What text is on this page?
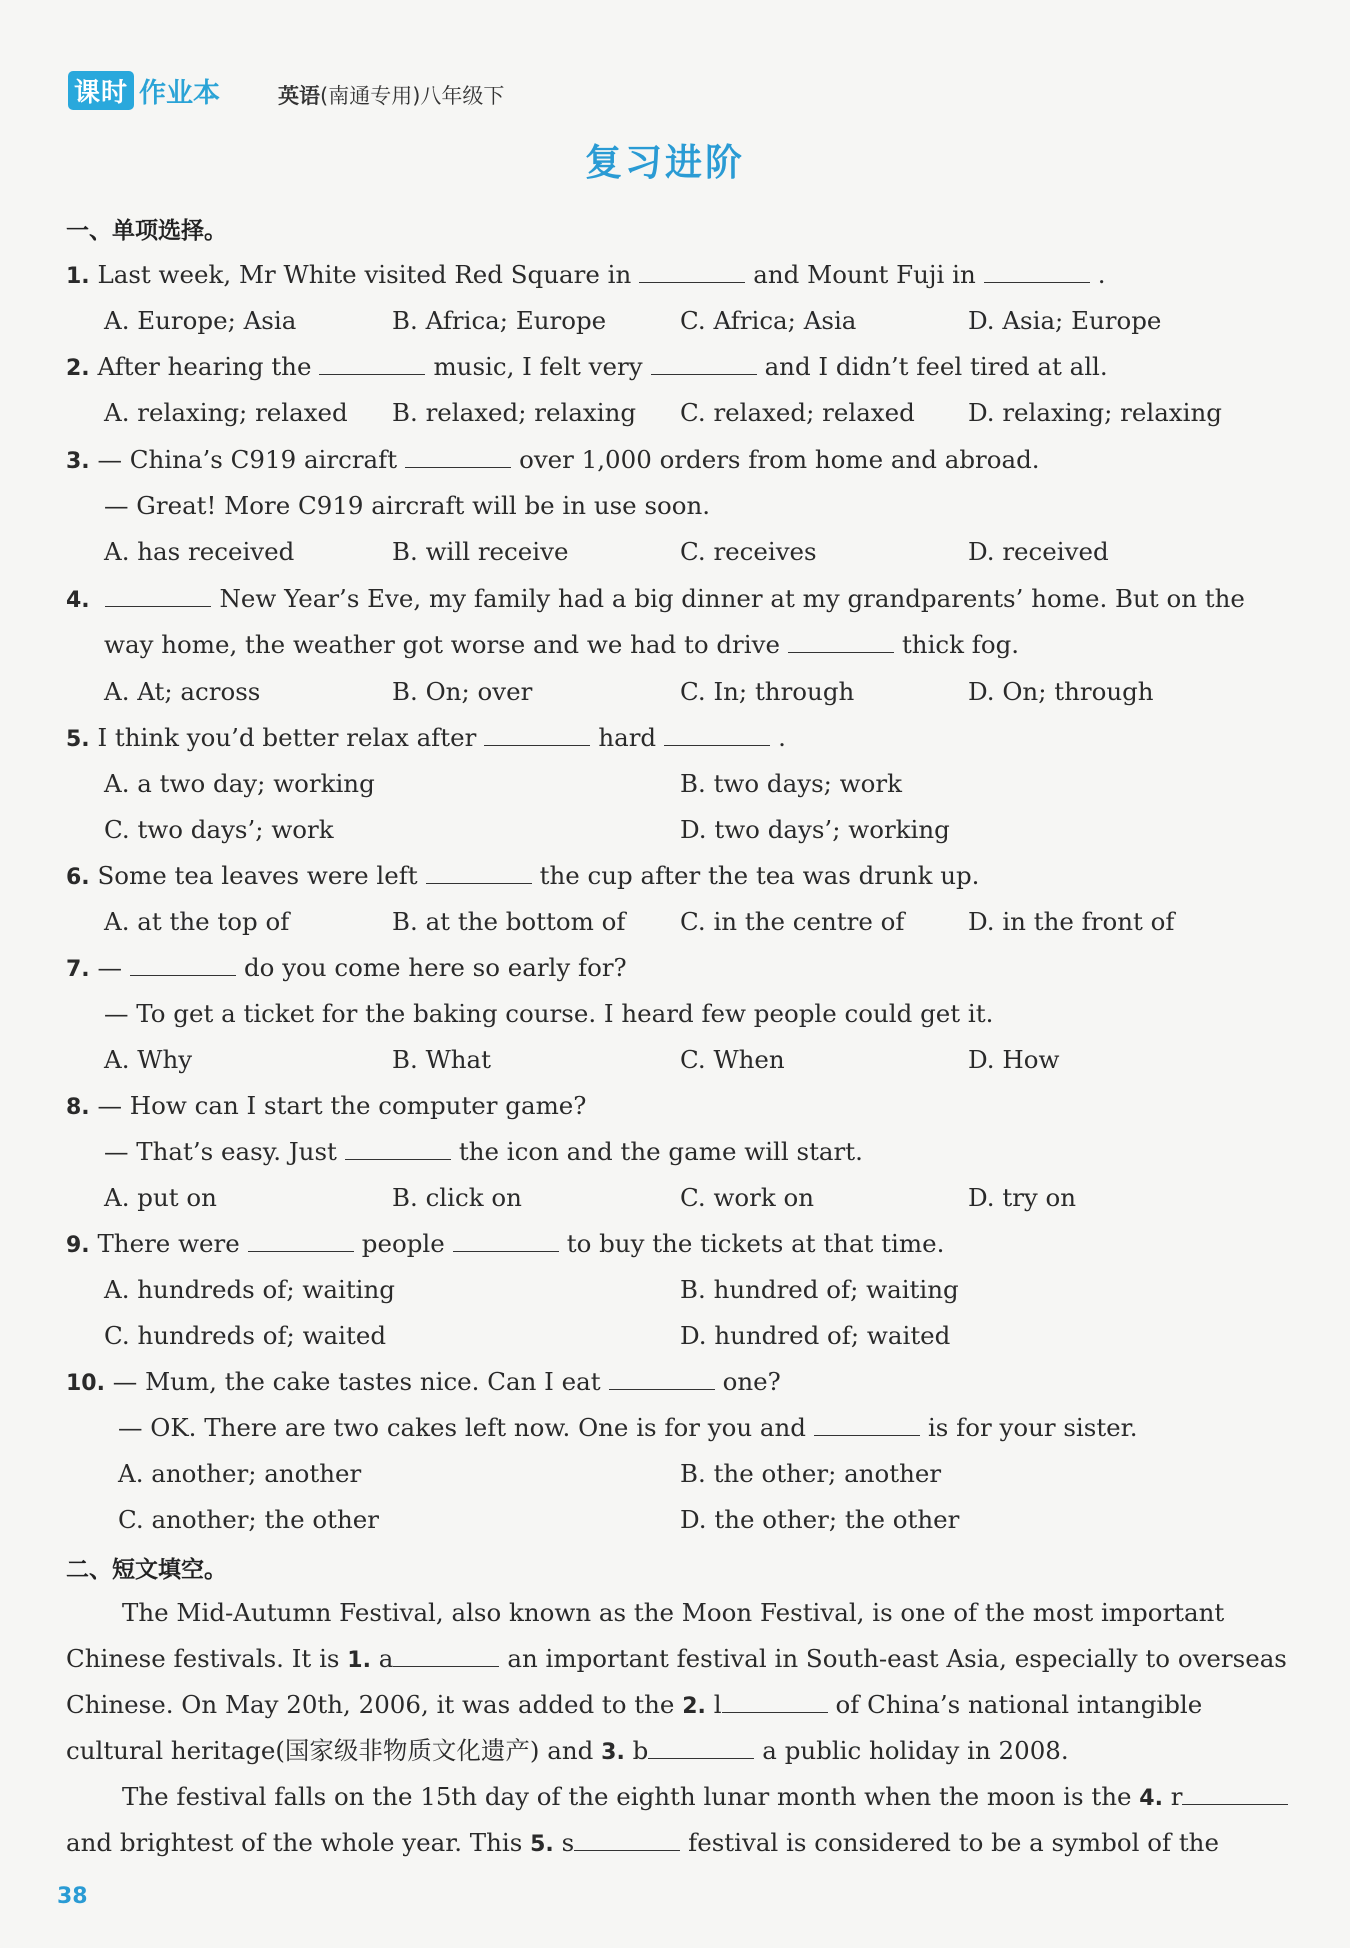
课时 作业本	英语(南通专用)八年级下
复习进阶
一、单项选择。
1. Last week, Mr White visited Red Square in	and Mount Fuji in	.
A. Europe; Asia	B. Africa; Europe	C. Africa; Asia	D. Asia; Europe
2. After hearing the	music, I felt very	and I didn’t feel tired at all.
A. relaxing; relaxed B. relaxed; relaxing C. relaxed; relaxed D. relaxing; relaxing
3. — China’s C919 aircraft	over 1,000 orders from home and abroad.
— Great! More C919 aircraft will be in use soon.
A. has received	B. will receive	C. receives	D. received
4.	New Year’s Eve, my family had a big dinner at my grandparents’ home. But on the
way home, the weather got worse and we had to drive	thick fog.
A. At; across	B. On; over	C. In; through	D. On; through
5. I think you’d better relax after	hard	.
A. a two day; working	B. two days; work
C. two days’; work	D. two days’; working
6. Some tea leaves were left	the cup after the tea was drunk up.
A. at the top of	B. at the bottom of C. in the centre of	D. in the front of
7. —	do you come here so early for?
— To get a ticket for the baking course. I heard few people could get it.
A. Why	B. What	C. When	D. How
8. — How can I start the computer game?
— That’s easy. Just	the icon and the game will start.
A. put on	B. click on	C. work on	D. try on
9. There were	people	to buy the tickets at that time.
A. hundreds of; waiting	B. hundred of; waiting
C. hundreds of; waited	D. hundred of; waited
10. — Mum, the cake tastes nice. Can I eat	one?
— OK. There are two cakes left now. One is for you and	is for your sister.
A. another; another	B. the other; another
C. another; the other	D. the other; the other
二、短文填空。
The Mid-Autumn Festival, also known as the Moon Festival, is one of the most important
Chinese festivals. It is 1. a	an important festival in South-east Asia, especially to overseas
Chinese. On May 20th, 2006, it was added to the 2. l	of China’s national intangible
cultural heritage(国家级非物质文化遗产) and 3. b	a public holiday in 2008.
The festival falls on the 15th day of the eighth lunar month when the moon is the 4. r
and brightest of the whole year. This 5. s	festival is considered to be a symbol of the
38
